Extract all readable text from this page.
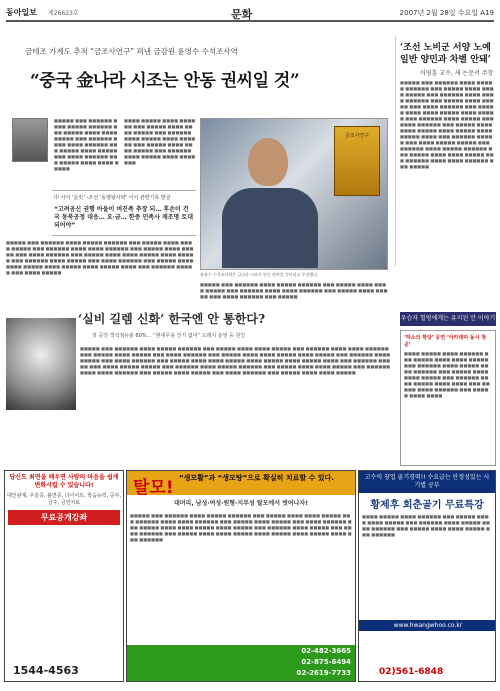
동아일보 제26623호	문화	2007년 2월 28일 수요일 A19
금테조 가계도 추적 “금조사연구” 펴낸 금감원 윤영수 수석조사역
“중국 金나라 시조는 안동 권씨일 것”
■■■■■ ■■■ ■■■■■■ ■■■■ ■■■■■ ■■■■■■ ■■■ ■■■■■ ■■■■ ■■■■ ■■■■■ ■■■ ■■■■■■ ■■■■ ■■■■ ■■■■■■ ■■■ ■■■■■ ■■■■ ■■■■■ ■■■ ■■■■ ■■■■■■ ■■■ ■■■■■ ■■■■ ■■■■ ■■■■■
■■■■ ■■■■■ ■■■■ ■■■■■■ ■■■ ■■■■■ ■■■■ ■■■■ ■■■■■ ■■■ ■■■■■■ ■■■■ ■■■■■ ■■■■ ■■■■■■ ■■■ ■■■■■ ■■■■ ■■■■ ■■■■■ ■■■ ■■■■■■ ■■■■ ■■■■■ ■■■■ ■■■■ ■■■
中 사서 ‘金史’ -조선 ‘동명왕사략’ 이서 관련기록 발굴
“고려공신 권행 아들이 여진족 추장 되… 후손이 건국 동북공정 대응… 요·금… 한중 민족사 재조명 토대 되어야”
■■■■■ ■■■ ■■■■■■ ■■■■ ■■■■■ ■■■■■■ ■■■ ■■■■■ ■■■■ ■■■■ ■■■■■ ■■■ ■■■■■■ ■■■■ ■■■■ ■■■■■■ ■■■ ■■■■■ ■■■■ ■■■■■ ■■■ ■■■■ ■■■■■■ ■■■ ■■■■■ ■■■■ ■■■■ ■■■■■ ■■■■ ■■■■■ ■■■ ■■■■■■ ■■■■ ■■■■■ ■■■ ■■■■ ■■■■■■ ■■■ ■■■■■ ■■■■ ■■■■ ■■■■■ ■■■■ ■■■■■ ■■■■ ■■■■■ ■■■■ ■■■ ■■■■■■ ■■■■■ ■■■ ■■■■ ■■■■■
금조사연구
윤영수 수석조사역은 금나라 시조가 안동 권씨일 것이라고 주장했다.
■■■■■ ■■■ ■■■■■■ ■■■■ ■■■■■ ■■■■■■ ■■■ ■■■■■ ■■■■ ■■■■ ■■■■■ ■■■ ■■■■■■ ■■■■ ■■■■ ■■■■■■ ■■■ ■■■■■ ■■■■ ■■■■■ ■■■ ■■■■ ■■■■■■ ■■■ ■■■■■
‘조선 노비군 서양 노예 일반 양민과 차별 안돼’
이영훈 교수, 새 논문서 주장
■■■■■ ■■■ ■■■■■■ ■■■■ ■■■■■ ■■■■■■ ■■■ ■■■■■ ■■■■ ■■■■ ■■■■■ ■■■ ■■■■■■ ■■■■ ■■■■ ■■■■■■ ■■■ ■■■■■ ■■■■ ■■■■■ ■■■ ■■■■ ■■■■■■ ■■■ ■■■■■ ■■■■ ■■■■ ■■■■■ ■■■■ ■■■■■ ■■■ ■■■■■■ ■■■■ ■■■■■ ■■■ ■■■■ ■■■■■■ ■■■ ■■■■■ ■■■■ ■■■■ ■■■■■ ■■■■ ■■■■■ ■■■■ ■■■■■ ■■■■ ■■■ ■■■■■■ ■■■■■ ■■■ ■■■■ ■■■■■ ■■■■■ ■■■ ■■■■■■ ■■■■ ■■■■■ ■■■■■■ ■■■ ■■■■■ ■■■■ ■■■■ ■■■■■ ■■■ ■■■■■■ ■■■■ ■■■■ ■■■■■■ ■■■ ■■■■■
우승자 힐링에게는 유지된 안 이야기
‘하소의 학당’ 공연 ‘아카데미 동시 첫 공’
■■■■ ■■■■■ ■■■■ ■■■■■■ ■■■ ■■■■■ ■■■■ ■■■■ ■■■■■ ■■■ ■■■■■■ ■■■■ ■■■■■ ■■■■ ■■■■■■ ■■■ ■■■■■ ■■■■ ■■■■ ■■■■■ ■■■ ■■■■■■ ■■■■ ■■■■■ ■■■■ ■■■■ ■■■ ■■■■■ ■■■■ ■■■■■■ ■■■ ■■■■■ ■■■■ ■■■■
‘실비 길렘 신화’ 한국엔 안 통한다?
첫 공연 객석점유율 60%… “현대무용 인기 없어” 도래지 운영 등 원인
■■■■■ ■■■ ■■■■■■ ■■■■ ■■■■■ ■■■■■■ ■■■ ■■■■■ ■■■■ ■■■■ ■■■■■ ■■■ ■■■■■■ ■■■■ ■■■■ ■■■■■■ ■■■ ■■■■■ ■■■■ ■■■■■ ■■■ ■■■■ ■■■■■■ ■■■ ■■■■■ ■■■■ ■■■■ ■■■■■ ■■■■ ■■■■■ ■■■ ■■■■■■ ■■■■ ■■■■■ ■■■ ■■■■ ■■■■■■ ■■■ ■■■■■ ■■■■ ■■■■ ■■■■■ ■■■■ ■■■■■ ■■■■ ■■■■■ ■■■■ ■■■ ■■■■■■ ■■■■■ ■■■ ■■■■ ■■■■■ ■■■■■ ■■■ ■■■■■■ ■■■■ ■■■■■ ■■■■■■ ■■■ ■■■■■ ■■■■ ■■■■ ■■■■■ ■■■ ■■■■■■ ■■■■ ■■■■ ■■■■■■ ■■■ ■■■■■ ■■■■ ■■■■■ ■■■ ■■■■ ■■■■■■ ■■■ ■■■■■ ■■■■ ■■■■ ■■■■■
당신도 최면을 배우면 사람의 마음을 쉽게 변화시킬 수 있습니다!
대인관계, 우울증, 불면증, 다이어트, 학습능력, 공부, 금주, 금연치료
무료공개강좌
1544-4563
탈모! “생모활”과 “생모탕”으로 확실히 치료할 수 있다.
대머리, 남성·여성·원형·지루성 탈모에서 벗어나자!
■■■■■ ■■■ ■■■■■■ ■■■■ ■■■■■ ■■■■■■ ■■■ ■■■■■ ■■■■ ■■■■ ■■■■■ ■■■ ■■■■■■ ■■■■ ■■■■ ■■■■■■ ■■■ ■■■■■ ■■■■ ■■■■■ ■■■ ■■■■ ■■■■■■ ■■■ ■■■■■ ■■■■ ■■■■ ■■■■■ ■■■■ ■■■■■ ■■■ ■■■■■■ ■■■■ ■■■■■ ■■■ ■■■■ ■■■■■■ ■■■ ■■■■■ ■■■■ ■■■■ ■■■■■ ■■■■ ■■■■■ ■■■■ ■■■■■ ■■■■ ■■■ ■■■■■■
02-482-3665
02-875-6494
02-2619-7733
고수익 창업 골기경력!! 수요급는 안정성있는 시기별 공부
황제후 회춘골기 무료특강
■■■■ ■■■■■ ■■■■ ■■■■■■ ■■■ ■■■■■ ■■■■ ■■■■ ■■■■■ ■■■ ■■■■■■ ■■■■ ■■■■■ ■■■■ ■■■■■■ ■■■ ■■■■■ ■■■■ ■■■■ ■■■■■ ■■■ ■■■■■■
www.hwangwhoo.co.kr
02)561-6848
